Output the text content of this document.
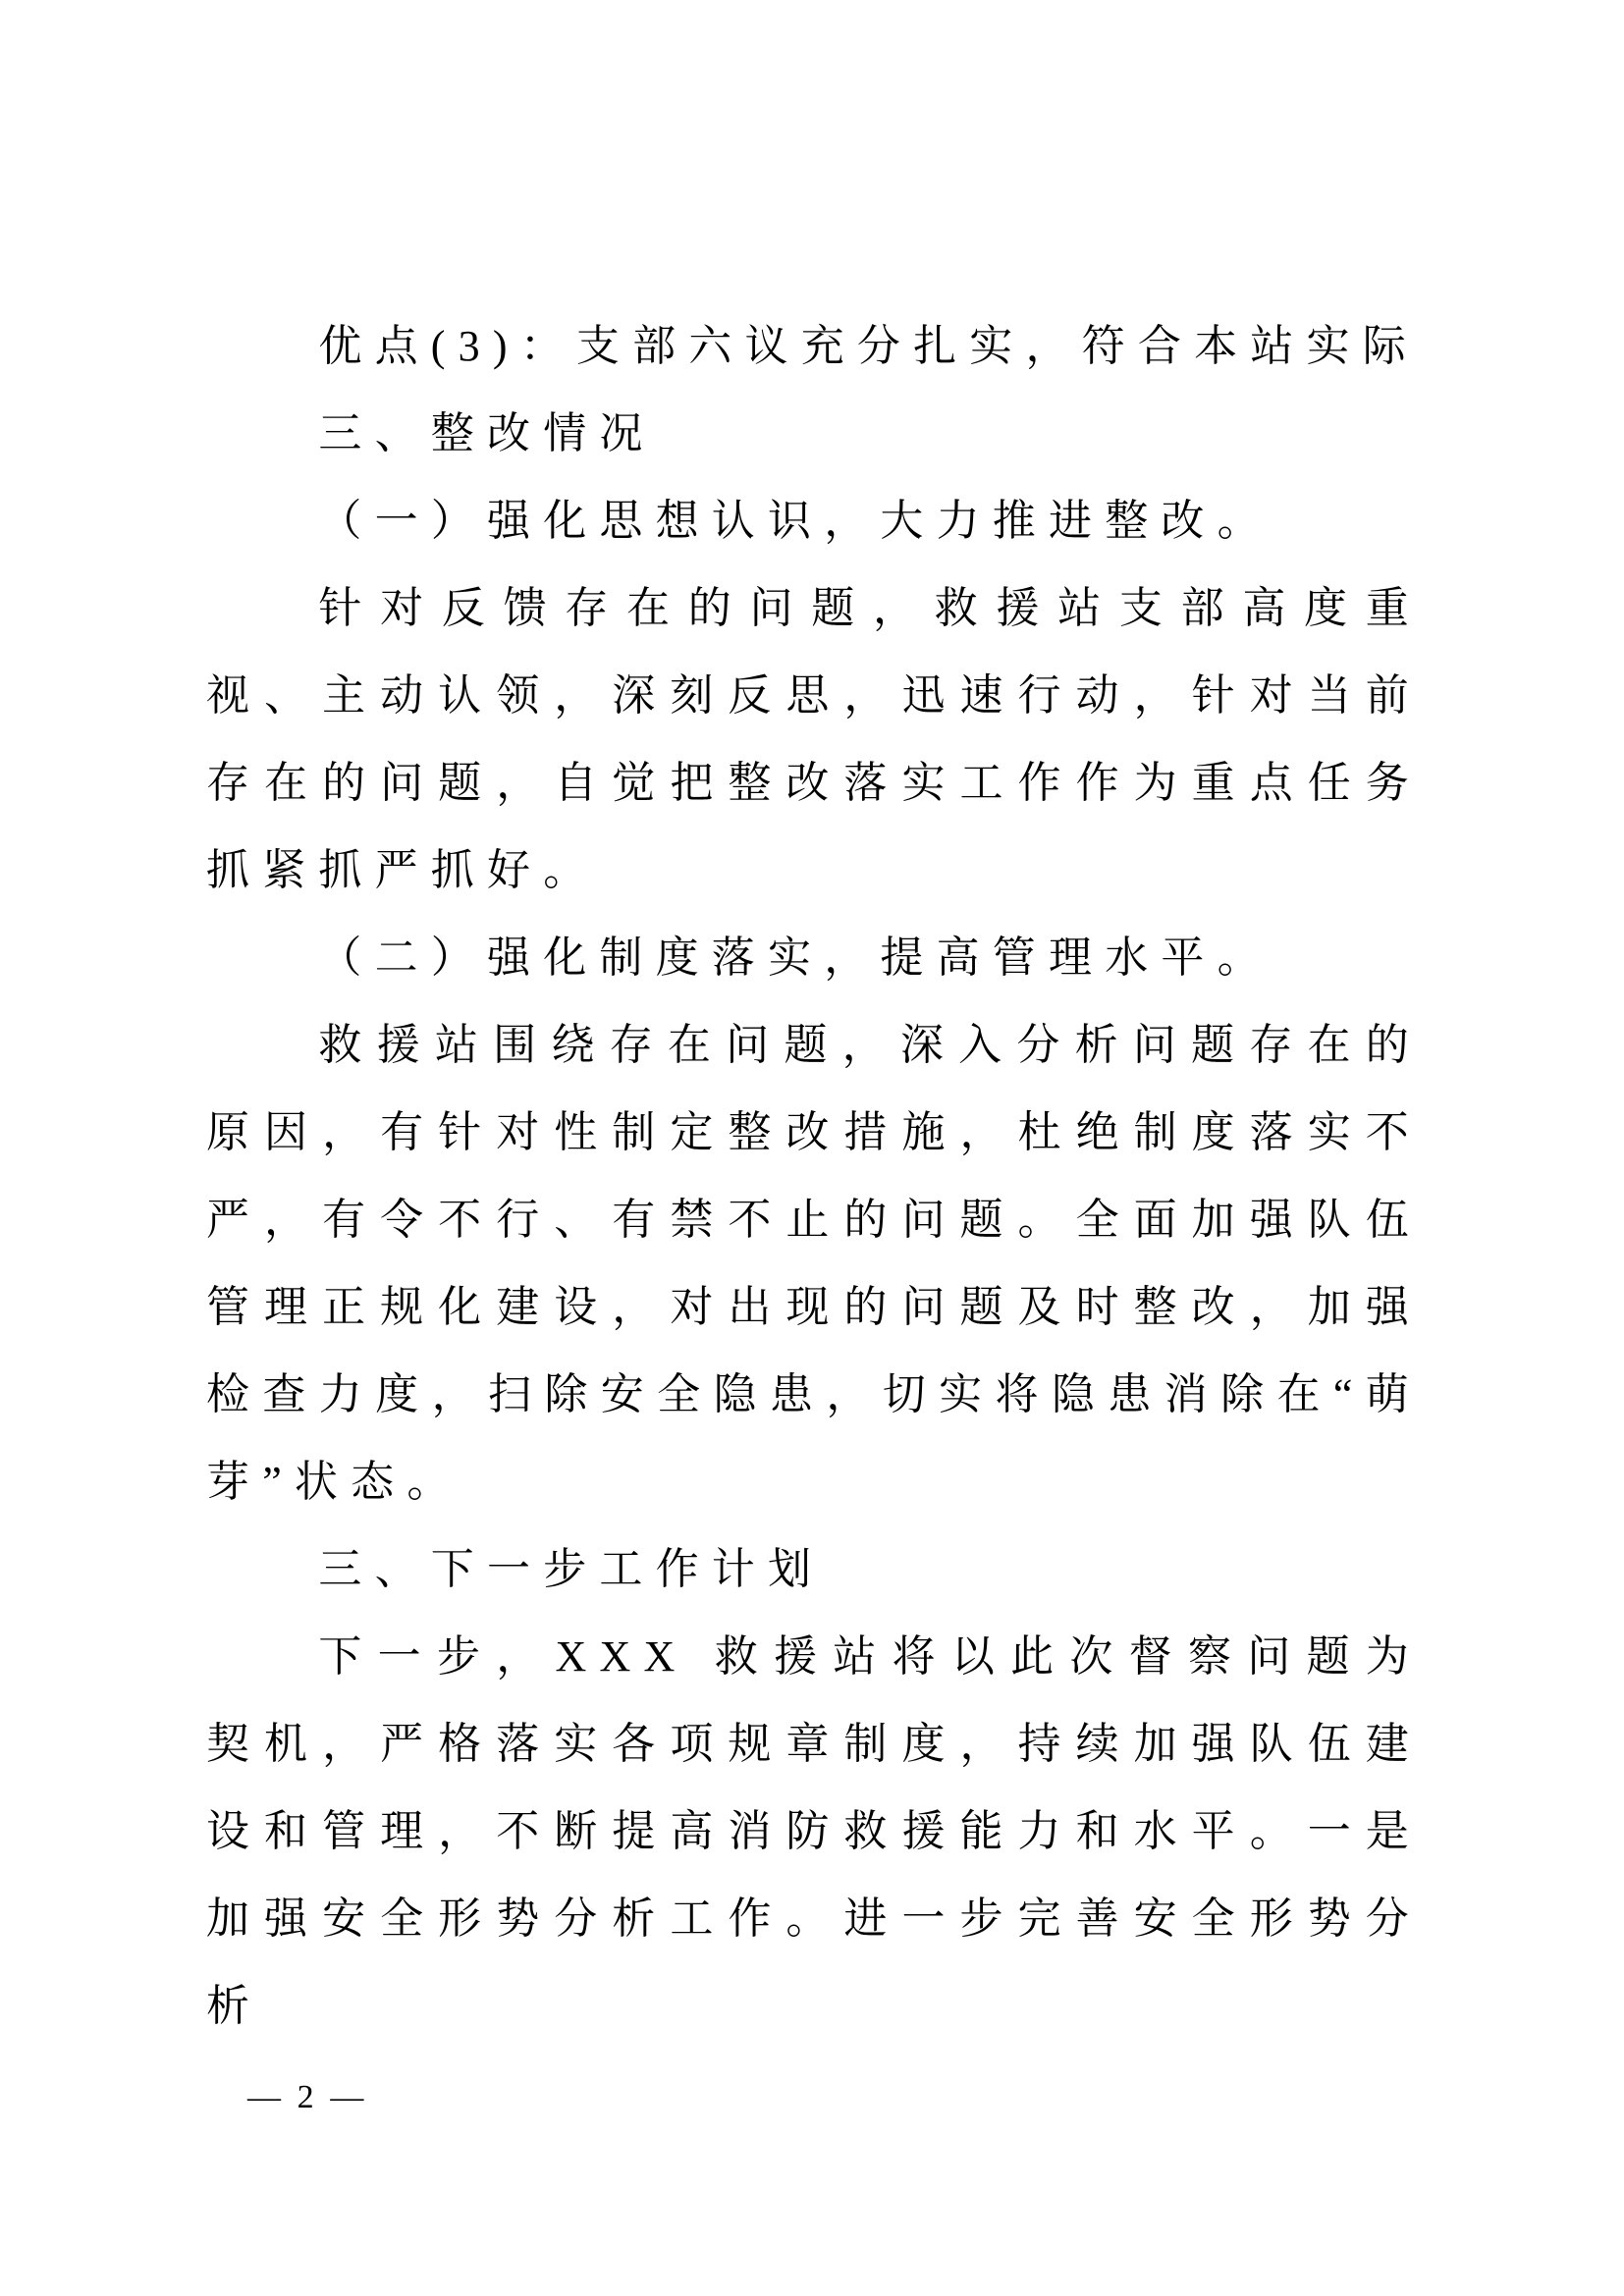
优点(3)：支部六议充分扎实，符合本站实际

三、整改情况

（一）强化思想认识，大力推进整改。

针对反馈存在的问题，救援站支部高度重视、主动认领，深刻反思，迅速行动，针对当前存在的问题，自觉把整改落实工作作为重点任务抓紧抓严抓好。

（二）强化制度落实，提高管理水平。

救援站围绕存在问题，深入分析问题存在的原因，有针对性制定整改措施，杜绝制度落实不严，有令不行、有禁不止的问题。全面加强队伍管理正规化建设，对出现的问题及时整改，加强检查力度，扫除安全隐患，切实将隐患消除在“萌芽”状态。

三、下一步工作计划

下一步，XXX 救援站将以此次督察问题为契机，严格落实各项规章制度，持续加强队伍建设和管理，不断提高消防救援能力和水平。一是加强安全形势分析工作。进一步完善安全形势分析

— 2 —
